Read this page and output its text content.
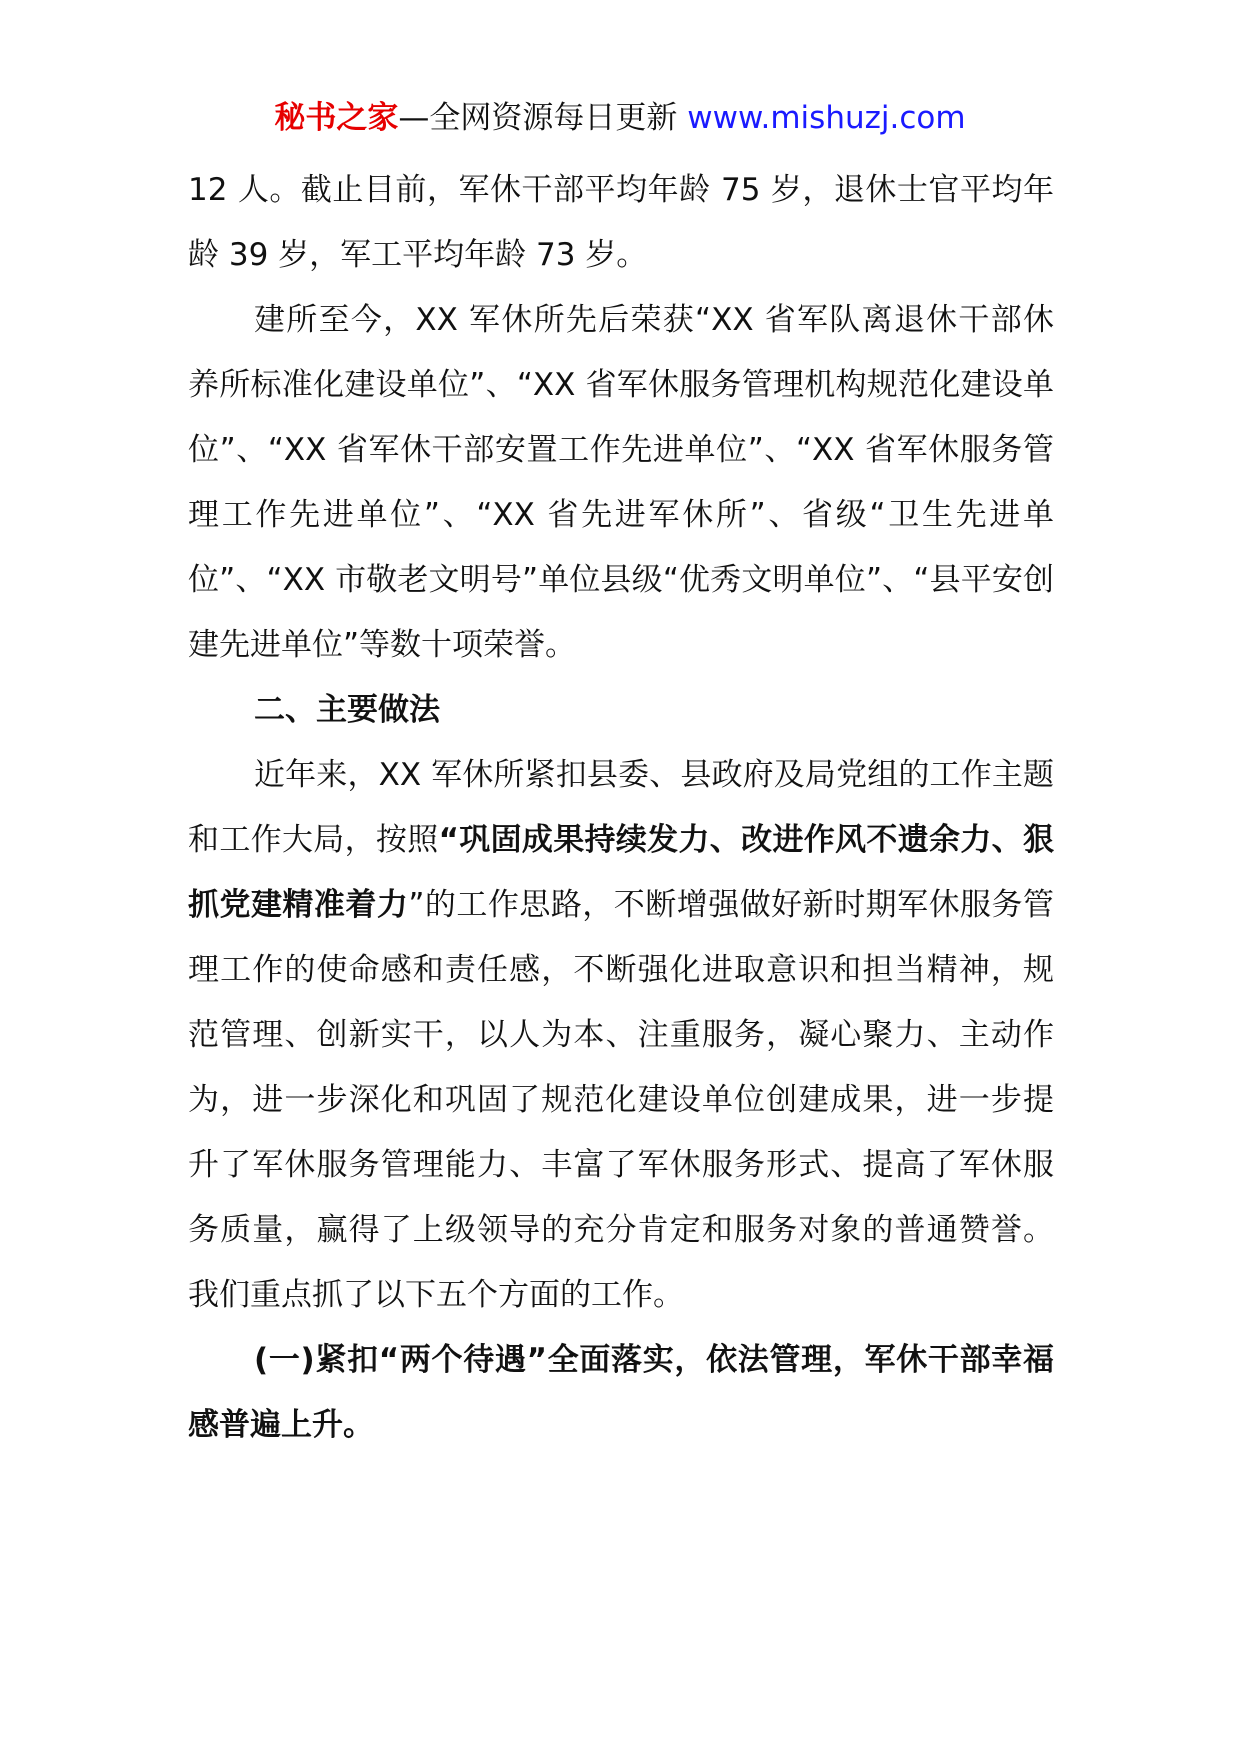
秘书之家—全网资源每日更新 www.mishuzj.com

12 人。截止目前，军休干部平均年龄 75 岁，退休士官平均年龄 39 岁，军工平均年龄 73 岁。

建所至今，XX 军休所先后荣获“XX 省军队离退休干部休养所标准化建设单位”、“XX 省军休服务管理机构规范化建设单位”、“XX 省军休干部安置工作先进单位”、“XX 省军休服务管理工作先进单位”、“XX 省先进军休所”、省级“卫生先进单位”、“XX 市敬老文明号”单位县级“优秀文明单位”、“县平安创建先进单位”等数十项荣誉。

二、主要做法

近年来，XX 军休所紧扣县委、县政府及局党组的工作主题和工作大局，按照“巩固成果持续发力、改进作风不遗余力、狠抓党建精准着力”的工作思路，不断增强做好新时期军休服务管理工作的使命感和责任感，不断强化进取意识和担当精神，规范管理、创新实干，以人为本、注重服务，凝心聚力、主动作为，进一步深化和巩固了规范化建设单位创建成果，进一步提升了军休服务管理能力、丰富了军休服务形式、提高了军休服务质量，赢得了上级领导的充分肯定和服务对象的普通赞誉。我们重点抓了以下五个方面的工作。

(一)紧扣“两个待遇”全面落实，依法管理，军休干部幸福感普遍上升。
